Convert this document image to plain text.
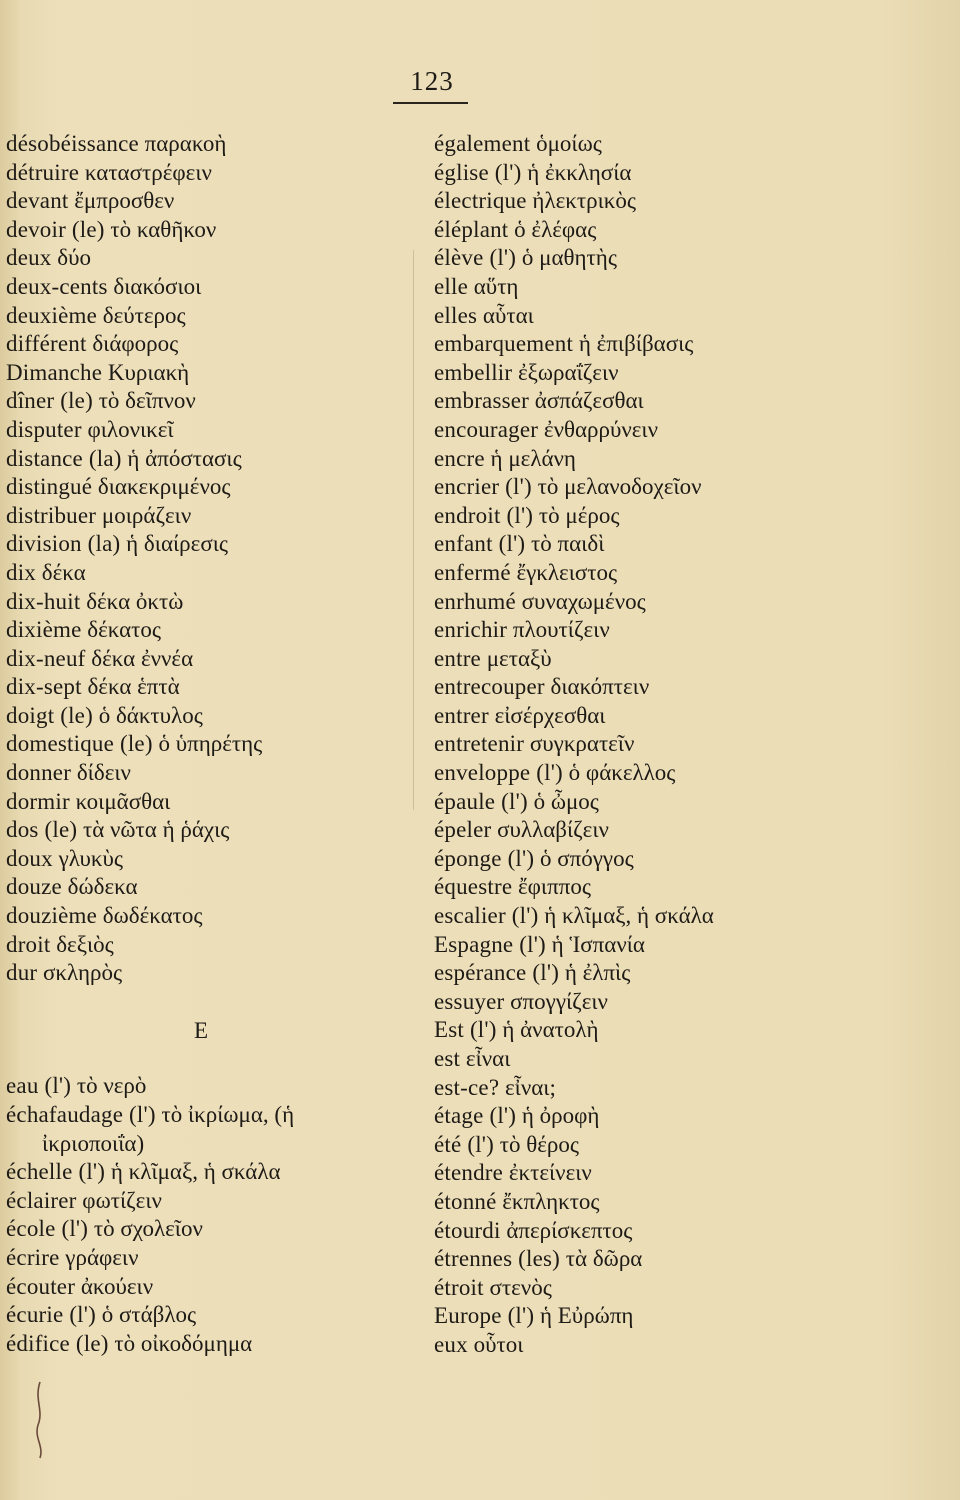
123
désobéissance παρακοὴ
détruire καταστρέφειν
devant ἔμπροσθεν
devoir (le) τὸ καθῆκον
deux δύο
deux-cents διακόσιοι
deuxième δεύτερος
différent διάφορος
Dimanche Κυριακὴ
dîner (le) τὸ δεῖπνον
disputer φιλονικεῖ
distance (la) ἡ ἀπόστασις
distingué διακεκριμένος
distribuer μοιράζειν
division (la) ἡ διαίρεσις
dix δέκα
dix-huit δέκα ὀκτὼ
dixième δέκατος
dix-neuf δέκα ἐννέα
dix-sept δέκα ἑπτὰ
doigt (le) ὁ δάκτυλος
domestique (le) ὁ ὑπηρέτης
donner δίδειν
dormir κοιμᾶσθαι
dos (le) τὰ νῶτα ἡ ῥάχις
doux γλυκὺς
douze δώδεκα
douzième δωδέκατος
droit δεξιὸς
dur σκληρὸς
E
eau (l') τὸ νερὸ
échafaudage (l') τὸ ἰκρίωμα, (ἡ
ἰκριοποιΐα)
échelle (l') ἡ κλῖμαξ, ἡ σκάλα
éclairer φωτίζειν
école (l') τὸ σχολεῖον
écrire γράφειν
écouter ἀκούειν
écurie (l') ὁ στάβλος
édifice (le) τὸ οἰκοδόμημα
également ὁμοίως
église (l') ἡ ἐκκλησία
électrique ἠλεκτρικὸς
éléplant ὁ ἐλέφας
élève (l') ὁ μαθητὴς
elle αὕτη
elles αὗται
embarquement ἡ ἐπιβίβασις
embellir ἐξωραΐζειν
embrasser ἀσπάζεσθαι
encourager ἐνθαρρύνειν
encre ἡ μελάνη
encrier (l') τὸ μελανοδοχεῖον
endroit (l') τὸ μέρος
enfant (l') τὸ παιδὶ
enfermé ἔγκλειστος
enrhumé συναχωμένος
enrichir πλουτίζειν
entre μεταξὺ
entrecouper διακόπτειν
entrer εἰσέρχεσθαι
entretenir συγκρατεῖν
enveloppe (l') ὁ φάκελλος
épaule (l') ὁ ὦμος
épeler συλλαβίζειν
éponge (l') ὁ σπόγγος
équestre ἔφιππος
escalier (l') ἡ κλῖμαξ, ἡ σκάλα
Espagne (l') ἡ Ἱσπανία
espérance (l') ἡ ἐλπὶς
essuyer σπογγίζειν
Est (l') ἡ ἀνατολὴ
est εἶναι
est-ce? εἶναι;
étage (l') ἡ ὀροφὴ
été (l') τὸ θέρος
étendre ἐκτείνειν
étonné ἔκπληκτος
étourdi ἀπερίσκεπτος
étrennes (les) τὰ δῶρα
étroit στενὸς
Europe (l') ἡ Εὐρώπη
eux οὗτοι
